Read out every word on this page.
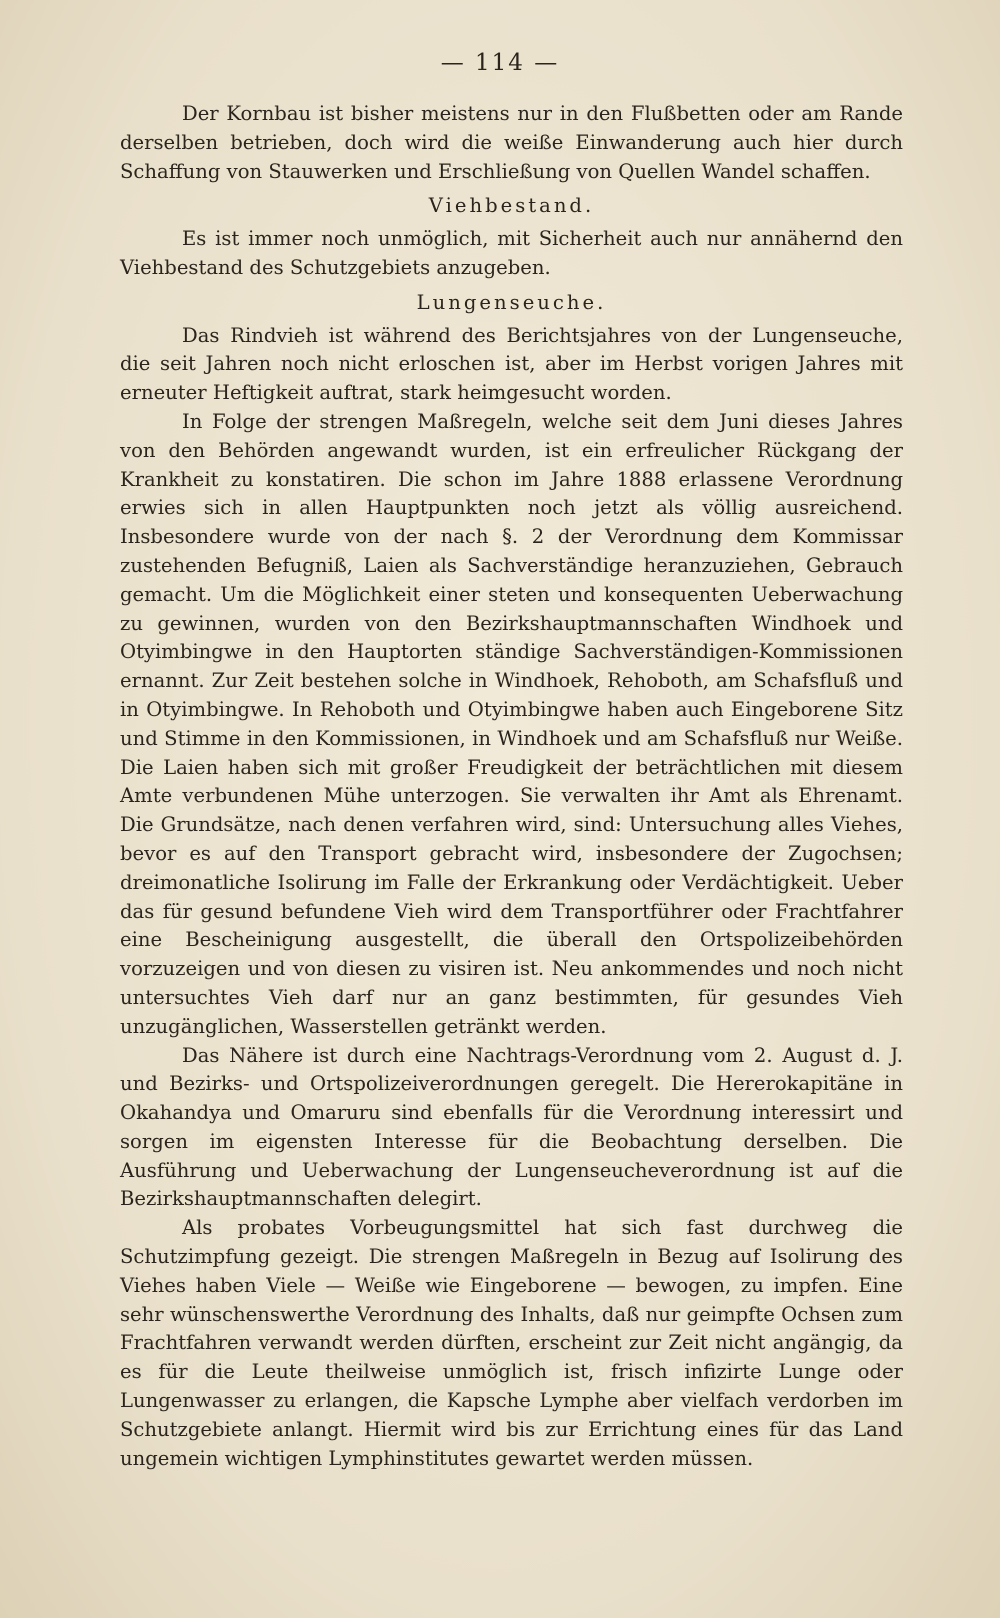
— 114 —

Der Kornbau ist bisher meistens nur in den Flußbetten oder am Rande derselben betrieben, doch wird die weiße Einwanderung auch hier durch Schaffung von Stauwerken und Erschließung von Quellen Wandel schaffen.

Viehbestand.

Es ist immer noch unmöglich, mit Sicherheit auch nur annähernd den Viehbestand des Schutzgebiets anzugeben.

Lungenseuche.

Das Rindvieh ist während des Berichtsjahres von der Lungenseuche, die seit Jahren noch nicht erloschen ist, aber im Herbst vorigen Jahres mit erneuter Heftigkeit auftrat, stark heimgesucht worden.

In Folge der strengen Maßregeln, welche seit dem Juni dieses Jahres von den Behörden angewandt wurden, ist ein erfreulicher Rückgang der Krankheit zu konstatiren. Die schon im Jahre 1888 erlassene Verordnung erwies sich in allen Hauptpunkten noch jetzt als völlig ausreichend. Insbesondere wurde von der nach §. 2 der Verordnung dem Kommissar zustehenden Befugniß, Laien als Sachverständige heranzuziehen, Gebrauch gemacht. Um die Möglichkeit einer steten und konsequenten Ueberwachung zu gewinnen, wurden von den Bezirkshauptmannschaften Windhoek und Otyimbingwe in den Hauptorten ständige Sachverständigen-Kommissionen ernannt. Zur Zeit bestehen solche in Windhoek, Rehoboth, am Schafsfluß und in Otyimbingwe. In Rehoboth und Otyimbingwe haben auch Eingeborene Sitz und Stimme in den Kommissionen, in Windhoek und am Schafsfluß nur Weiße. Die Laien haben sich mit großer Freudigkeit der beträchtlichen mit diesem Amte verbundenen Mühe unterzogen. Sie verwalten ihr Amt als Ehrenamt. Die Grundsätze, nach denen verfahren wird, sind: Untersuchung alles Viehes, bevor es auf den Transport gebracht wird, insbesondere der Zugochsen; dreimonatliche Isolirung im Falle der Erkrankung oder Verdächtigkeit. Ueber das für gesund befundene Vieh wird dem Transportführer oder Frachtfahrer eine Bescheinigung ausgestellt, die überall den Ortspolizeibehörden vorzuzeigen und von diesen zu visiren ist. Neu ankommendes und noch nicht untersuchtes Vieh darf nur an ganz bestimmten, für gesundes Vieh unzugänglichen, Wasserstellen getränkt werden.

Das Nähere ist durch eine Nachtrags-Verordnung vom 2. August d. J. und Bezirks- und Ortspolizeiverordnungen geregelt. Die Hererokapitäne in Okahandya und Omaruru sind ebenfalls für die Verordnung interessirt und sorgen im eigensten Interesse für die Beobachtung derselben. Die Ausführung und Ueberwachung der Lungenseucheverordnung ist auf die Bezirkshauptmannschaften delegirt.

Als probates Vorbeugungsmittel hat sich fast durchweg die Schutzimpfung gezeigt. Die strengen Maßregeln in Bezug auf Isolirung des Viehes haben Viele — Weiße wie Eingeborene — bewogen, zu impfen. Eine sehr wünschenswerthe Verordnung des Inhalts, daß nur geimpfte Ochsen zum Frachtfahren verwandt werden dürften, erscheint zur Zeit nicht angängig, da es für die Leute theilweise unmöglich ist, frisch infizirte Lunge oder Lungenwasser zu erlangen, die Kapsche Lymphe aber vielfach verdorben im Schutzgebiete anlangt. Hiermit wird bis zur Errichtung eines für das Land ungemein wichtigen Lymphinstitutes gewartet werden müssen.
